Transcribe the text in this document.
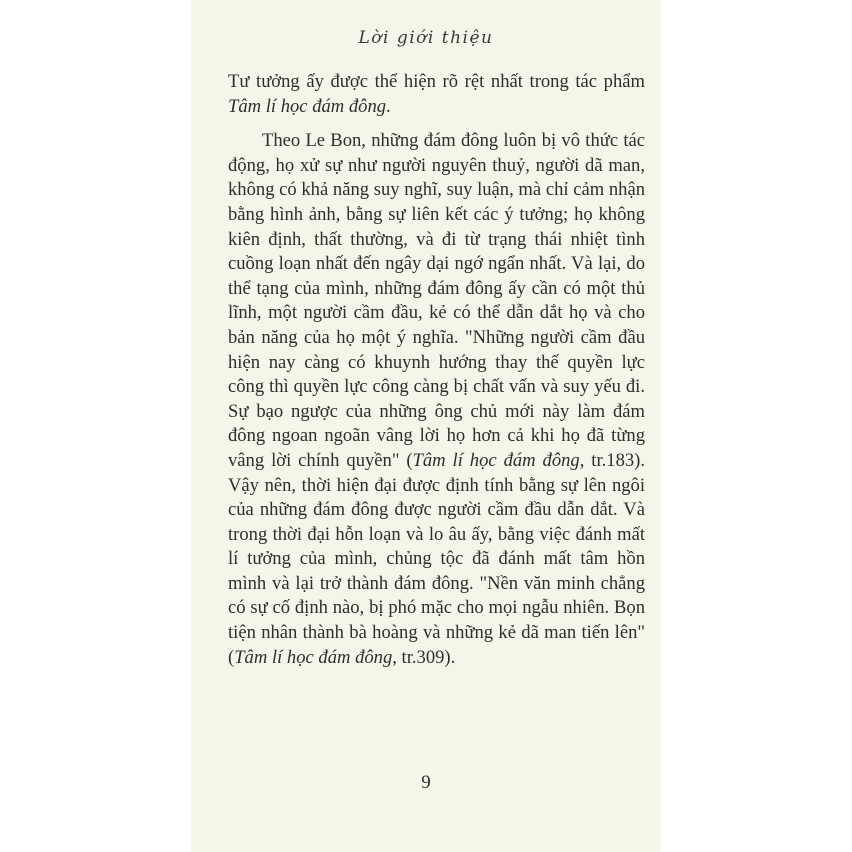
Lời giới thiệu

Tư tưởng ấy được thể hiện rõ rệt nhất trong tác phẩm Tâm lí học đám đông.

Theo Le Bon, những đám đông luôn bị vô thức tác động, họ xử sự như người nguyên thuỷ, người dã man, không có khả năng suy nghĩ, suy luận, mà chỉ cảm nhận bằng hình ảnh, bằng sự liên kết các ý tưởng; họ không kiên định, thất thường, và đi từ trạng thái nhiệt tình cuồng loạn nhất đến ngây dại ngớ ngẩn nhất. Và lại, do thể tạng của mình, những đám đông ấy cần có một thủ lĩnh, một người cầm đầu, kẻ có thể dẫn dắt họ và cho bản năng của họ một ý nghĩa. "Những người cầm đầu hiện nay càng có khuynh hướng thay thế quyền lực công thì quyền lực công càng bị chất vấn và suy yếu đi. Sự bạo ngược của những ông chủ mới này làm đám đông ngoan ngoãn vâng lời họ hơn cả khi họ đã từng vâng lời chính quyền" (Tâm lí học đám đông, tr.183). Vậy nên, thời hiện đại được định tính bằng sự lên ngôi của những đám đông được người cầm đầu dẫn dắt. Và trong thời đại hỗn loạn và lo âu ấy, bằng việc đánh mất lí tưởng của mình, chủng tộc đã đánh mất tâm hồn mình và lại trở thành đám đông. "Nền văn minh chẳng có sự cố định nào, bị phó mặc cho mọi ngẫu nhiên. Bọn tiện nhân thành bà hoàng và những kẻ dã man tiến lên" (Tâm lí học đám đông, tr.309).

9
